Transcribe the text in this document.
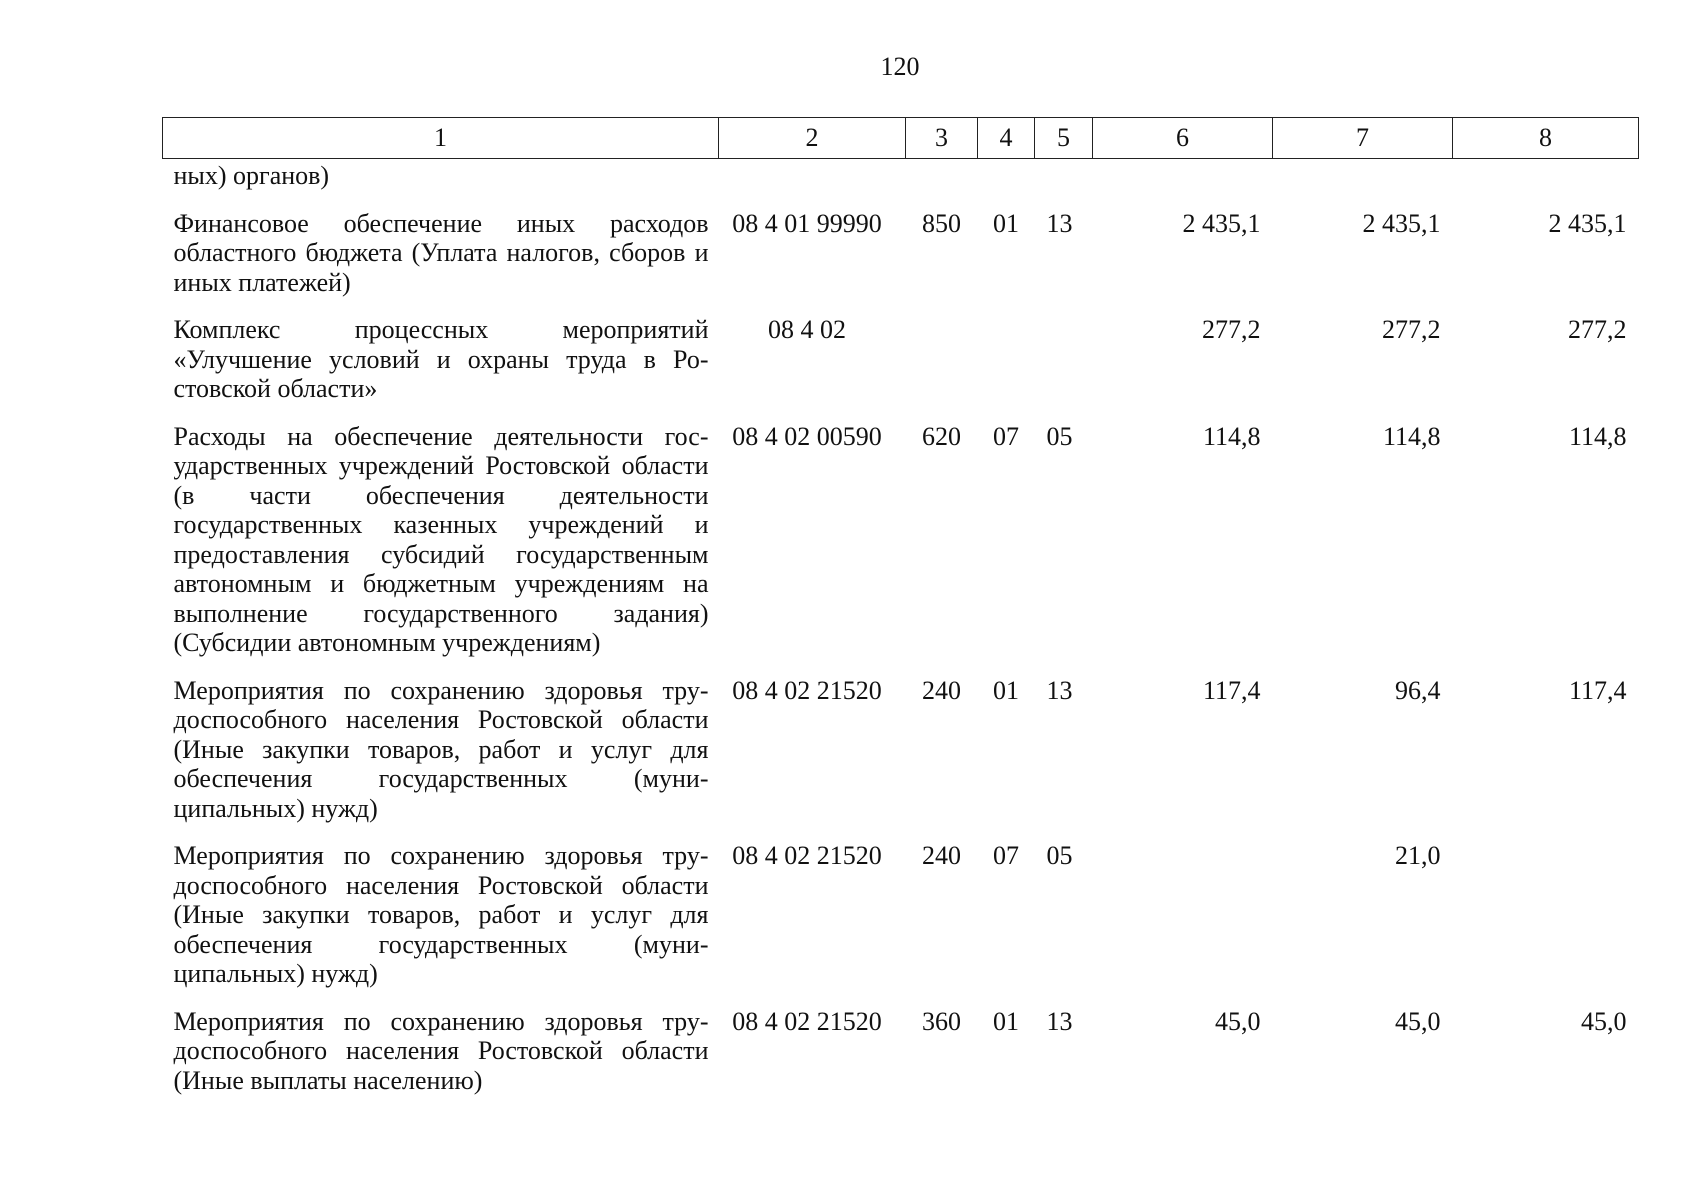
120
1	2	3	4	5	6	7	8
ных) органов)							
Финансовое обеспечение иных расходов областного бюджета (Уплата налогов, сборов и иных платежей)	08 4 01 99990	850	01	13	2 435,1	2 435,1	2 435,1
Комплекс процессных мероприятий «Улучшение условий и охраны труда в Ростовской области»	08 4 02				277,2	277,2	277,2
Расходы на обеспечение деятельности государственных учреждений Ростовской области (в части обеспечения деятельности государственных казенных учреждений и предоставления субсидий государственным автономным и бюджетным учреждениям на выполнение государственного задания) (Субсидии автономным учреждениям)	08 4 02 00590	620	07	05	114,8	114,8	114,8
Мероприятия по сохранению здоровья трудоспособного населения Ростовской области (Иные закупки товаров, работ и услуг для обеспечения государственных (муниципальных) нужд)	08 4 02 21520	240	01	13	117,4	96,4	117,4
Мероприятия по сохранению здоровья трудоспособного населения Ростовской области (Иные закупки товаров, работ и услуг для обеспечения государственных (муниципальных) нужд)	08 4 02 21520	240	07	05		21,0	
Мероприятия по сохранению здоровья трудоспособного населения Ростовской области (Иные выплаты населению)	08 4 02 21520	360	01	13	45,0	45,0	45,0
